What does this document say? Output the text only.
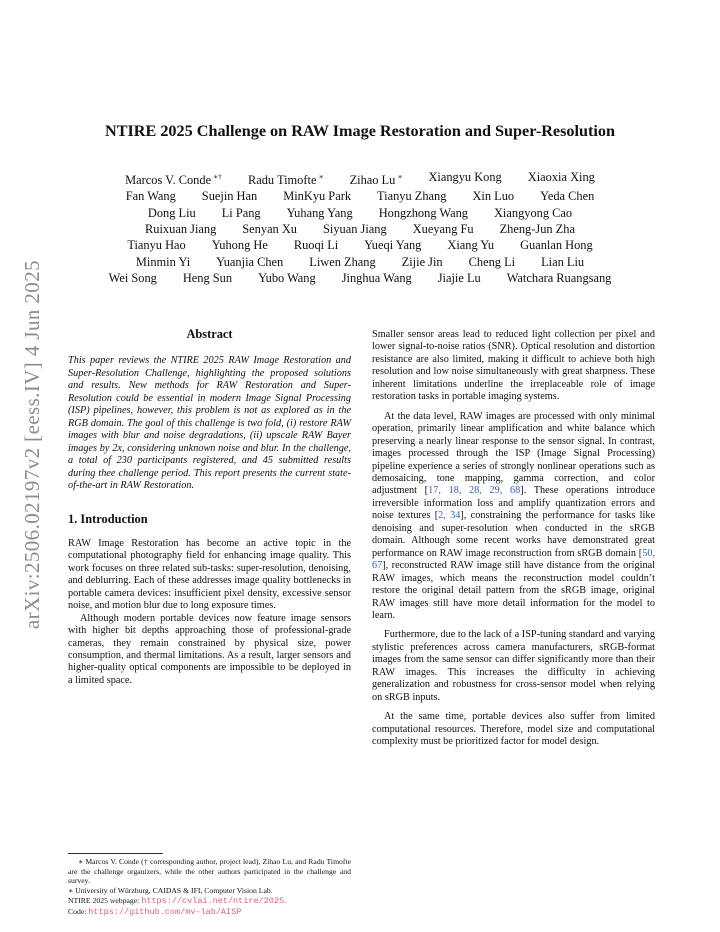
arXiv:2506.02197v2 [eess.IV] 4 Jun 2025
NTIRE 2025 Challenge on RAW Image Restoration and Super-Resolution
Marcos V. Conde ∗† Radu Timofte ∗ Zihao Lu ∗ Xiangyu Kong Xiaoxia Xing
Fan Wang Suejin Han MinKyu Park Tianyu Zhang Xin Luo Yeda Chen
Dong Liu Li Pang Yuhang Yang Hongzhong Wang Xiangyong Cao
Ruixuan Jiang Senyan Xu Siyuan Jiang Xueyang Fu Zheng-Jun Zha
Tianyu Hao Yuhong He Ruoqi Li Yueqi Yang Xiang Yu Guanlan Hong
Minmin Yi Yuanjia Chen Liwen Zhang Zijie Jin Cheng Li Lian Liu
Wei Song Heng Sun Yubo Wang Jinghua Wang Jiajie Lu Watchara Ruangsang
Abstract

This paper reviews the NTIRE 2025 RAW Image Restoration and Super-Resolution Challenge, highlighting the proposed solutions and results. New methods for RAW Restoration and Super-Resolution could be essential in modern Image Signal Processing (ISP) pipelines, however, this problem is not as explored as in the RGB domain. The goal of this challenge is two fold, (i) restore RAW images with blur and noise degradations, (ii) upscale RAW Bayer images by 2x, considering unknown noise and blur. In the challenge, a total of 230 participants registered, and 45 submitted results during thee challenge period. This report presents the current state-of-the-art in RAW Restoration.

1. Introduction

RAW Image Restoration has become an active topic in the computational photography field for enhancing image quality. This work focuses on three related sub-tasks: super-resolution, denoising, and deblurring. Each of these addresses image quality bottlenecks in portable camera devices: insufficient pixel density, excessive sensor noise, and motion blur due to long exposure times.

Although modern portable devices now feature image sensors with higher bit depths approaching those of professional-grade cameras, they remain constrained by physical size, power consumption, and thermal limitations. As a result, larger sensors and higher-quality optical components are impossible to be deployed in a limited space.

Smaller sensor areas lead to reduced light collection per pixel and lower signal-to-noise ratios (SNR). Optical resolution and distortion resistance are also limited, making it difficult to achieve both high resolution and low noise simultaneously with great sharpness. These inherent limitations underline the irreplaceable role of image restoration tasks in portable imaging systems.

At the data level, RAW images are processed with only minimal operation, primarily linear amplification and white balance which preserving a nearly linear response to the sensor signal. In contrast, images processed through the ISP (Image Signal Processing) pipeline experience a series of strongly nonlinear operations such as demosaicing, tone mapping, gamma correction, and color adjustment [17, 18, 28, 29, 68]. These operations introduce irreversible information loss and amplify quantization errors and noise textures [2, 34], constraining the performance for tasks like denoising and super-resolution when conducted in the sRGB domain. Although some recent works have demonstrated great performance on RAW image reconstruction from sRGB domain [50, 67], reconstructed RAW image still have distance from the original RAW images, which means the reconstruction model couldn’t restore the original detail pattern from the sRGB image, original RAW images still have more detail information for the model to learn.

Furthermore, due to the lack of a ISP-tuning standard and varying stylistic preferences across camera manufacturers, sRGB-format images from the same sensor can differ significantly more than their RAW images. This increases the difficulty in achieving generalization and robustness for cross-sensor model when relying on sRGB inputs.

At the same time, portable devices also suffer from limited computational resources. Therefore, model size and computational complexity must be prioritized factor for model design.

∗ Marcos V. Conde († corresponding author, project lead), Zihao Lu, and Radu Timofte are the challenge organizers, while the other authors participated in the challenge and survey.

∗ University of Würzburg, CAIDAS & IFI, Computer Vision Lab.

NTIRE 2025 webpage: https://cvlai.net/ntire/2025.

Code: https://github.com/mv-lab/AISP
